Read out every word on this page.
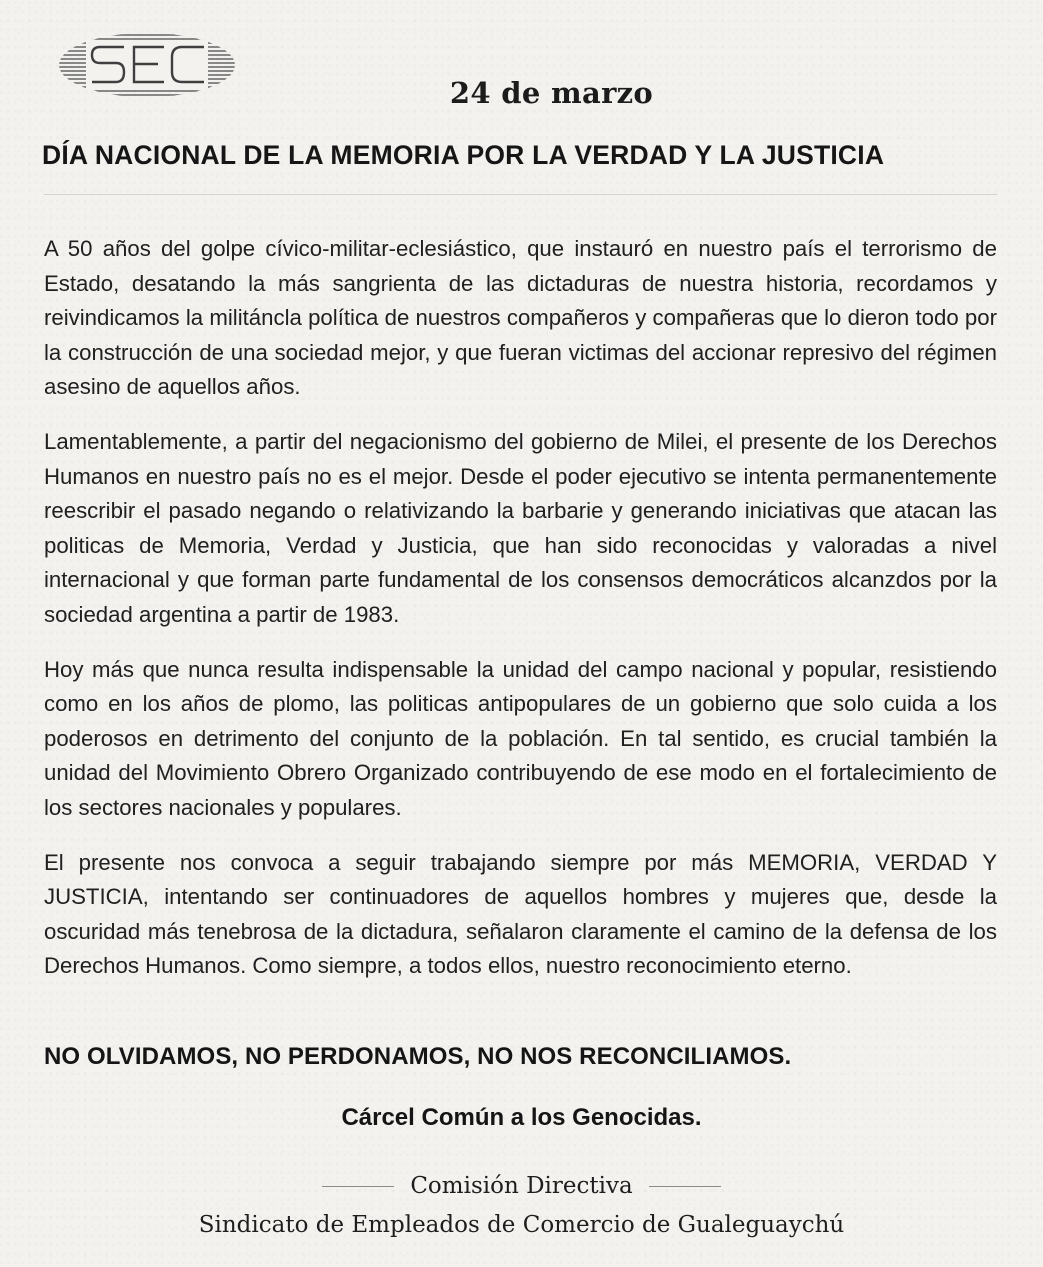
24 de marzo
DÍA NACIONAL DE LA MEMORIA POR LA VERDAD Y LA JUSTICIA

A 50 años del golpe cívico-militar-eclesiástico, que instauró en nuestro país el terrorismo de Estado, desatando la más sangrienta de las dictaduras de nuestra historia, recordamos y reivindicamos la militáncla política de nuestros compañeros y compañeras que lo dieron todo por la construcción de una sociedad mejor, y que fueran victimas del accionar represivo del régimen asesino de aquellos años.

Lamentablemente, a partir del negacionismo del gobierno de Milei, el presente de los Derechos Humanos en nuestro país no es el mejor. Desde el poder ejecutivo se intenta permanentemente reescribir el pasado negando o relativizando la barbarie y generando iniciativas que atacan las politicas de Memoria, Verdad y Justicia, que han sido reconocidas y valoradas a nivel internacional y que forman parte fundamental de los consensos democráticos alcanzdos por la sociedad argentina a partir de 1983.

Hoy más que nunca resulta indispensable la unidad del campo nacional y popular, resistiendo como en los años de plomo, las politicas antipopulares de un gobierno que solo cuida a los poderosos en detrimento del conjunto de la población. En tal sentido, es crucial también la unidad del Movimiento Obrero Organizado contribuyendo de ese modo en el fortalecimiento de los sectores nacionales y populares.

El presente nos convoca a seguir trabajando siempre por más MEMORIA, VERDAD Y JUSTICIA, intentando ser continuadores de aquellos hombres y mujeres que, desde la oscuridad más tenebrosa de la dictadura, señalaron claramente el camino de la defensa de los Derechos Humanos. Como siempre, a todos ellos, nuestro reconocimiento eterno.

NO OLVIDAMOS, NO PERDONAMOS, NO NOS RECONCILIAMOS.
Cárcel Común a los Genocidas.
Comisión Directiva
Sindicato de Empleados de Comercio de Gualeguaychú
